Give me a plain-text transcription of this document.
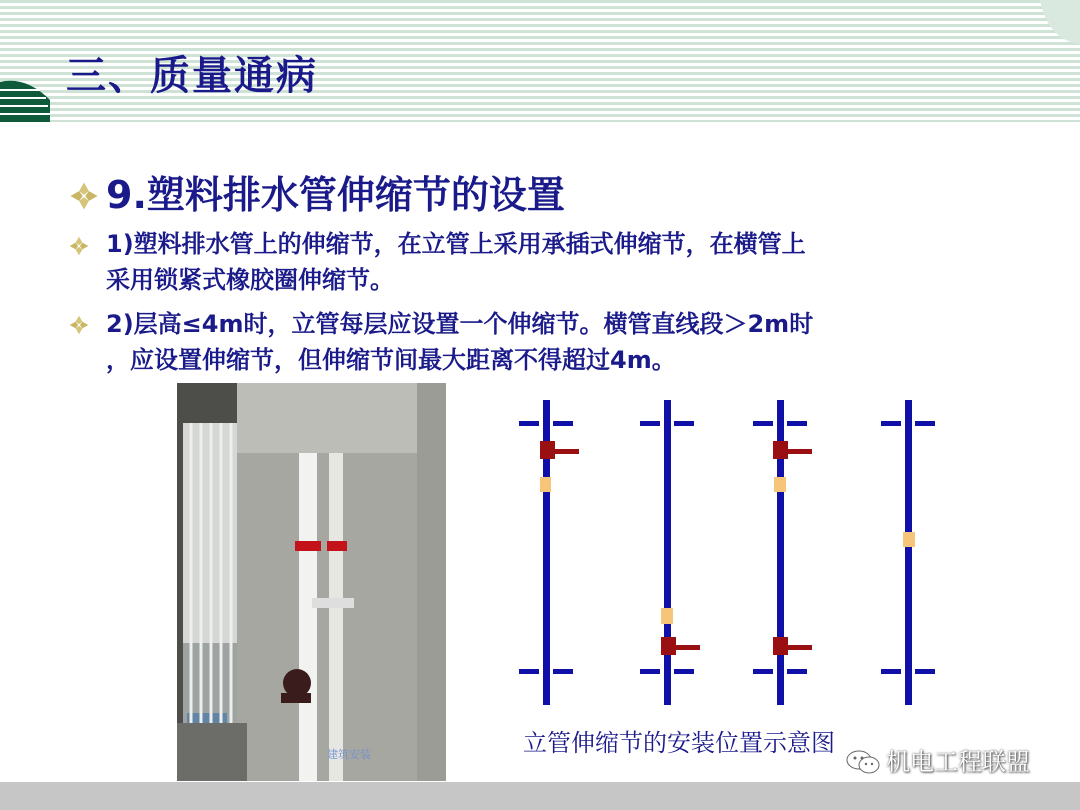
三、质量通病
9.塑料排水管伸缩节的设置

1)塑料排水管上的伸缩节，在立管上采用承插式伸缩节，在横管上
采用锁紧式橡胶圈伸缩节。

2)层高≤4m时，立管每层应设置一个伸缩节。横管直线段＞2m时
，应设置伸缩节，但伸缩节间最大距离不得超过4m。

建筑安装	立管伸缩节的安装位置示意图

机电工程联盟
